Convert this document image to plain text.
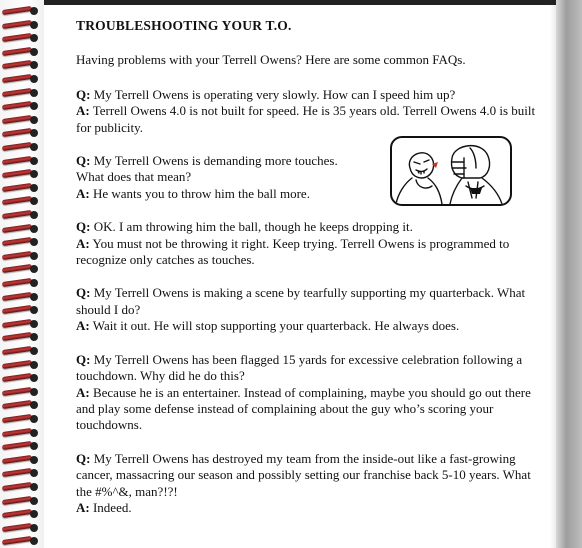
TROUBLESHOOTING YOUR T.O.
Having problems with your Terrell Owens? Here are some common FAQs.

Q: My Terrell Owens is operating very slowly. How can I speed him up?

A: Terrell Owens 4.0 is not built for speed. He is 35 years old. Terrell Owens 4.0 is built for publicity.

Q: My Terrell Owens is demanding more touches. What does that mean?

A: He wants you to throw him the ball more.

Q: OK. I am throwing him the ball, though he keeps dropping it.

A: You must not be throwing it right. Keep trying. Terrell Owens is programmed to recognize only catches as touches.

Q: My Terrell Owens is making a scene by tearfully supporting my quarterback. What should I do?

A: Wait it out. He will stop supporting your quarterback. He always does.

Q: My Terrell Owens has been flagged 15 yards for excessive celebration following a touchdown. Why did he do this?

A: Because he is an entertainer. Instead of complaining, maybe you should go out there and play some defense instead of complaining about the guy who’s scoring your touchdowns.

Q: My Terrell Owens has destroyed my team from the inside-out like a fast-growing cancer, massacring our season and possibly setting our franchise back 5-10 years. What the #%^&, man?!?!

A: Indeed.
